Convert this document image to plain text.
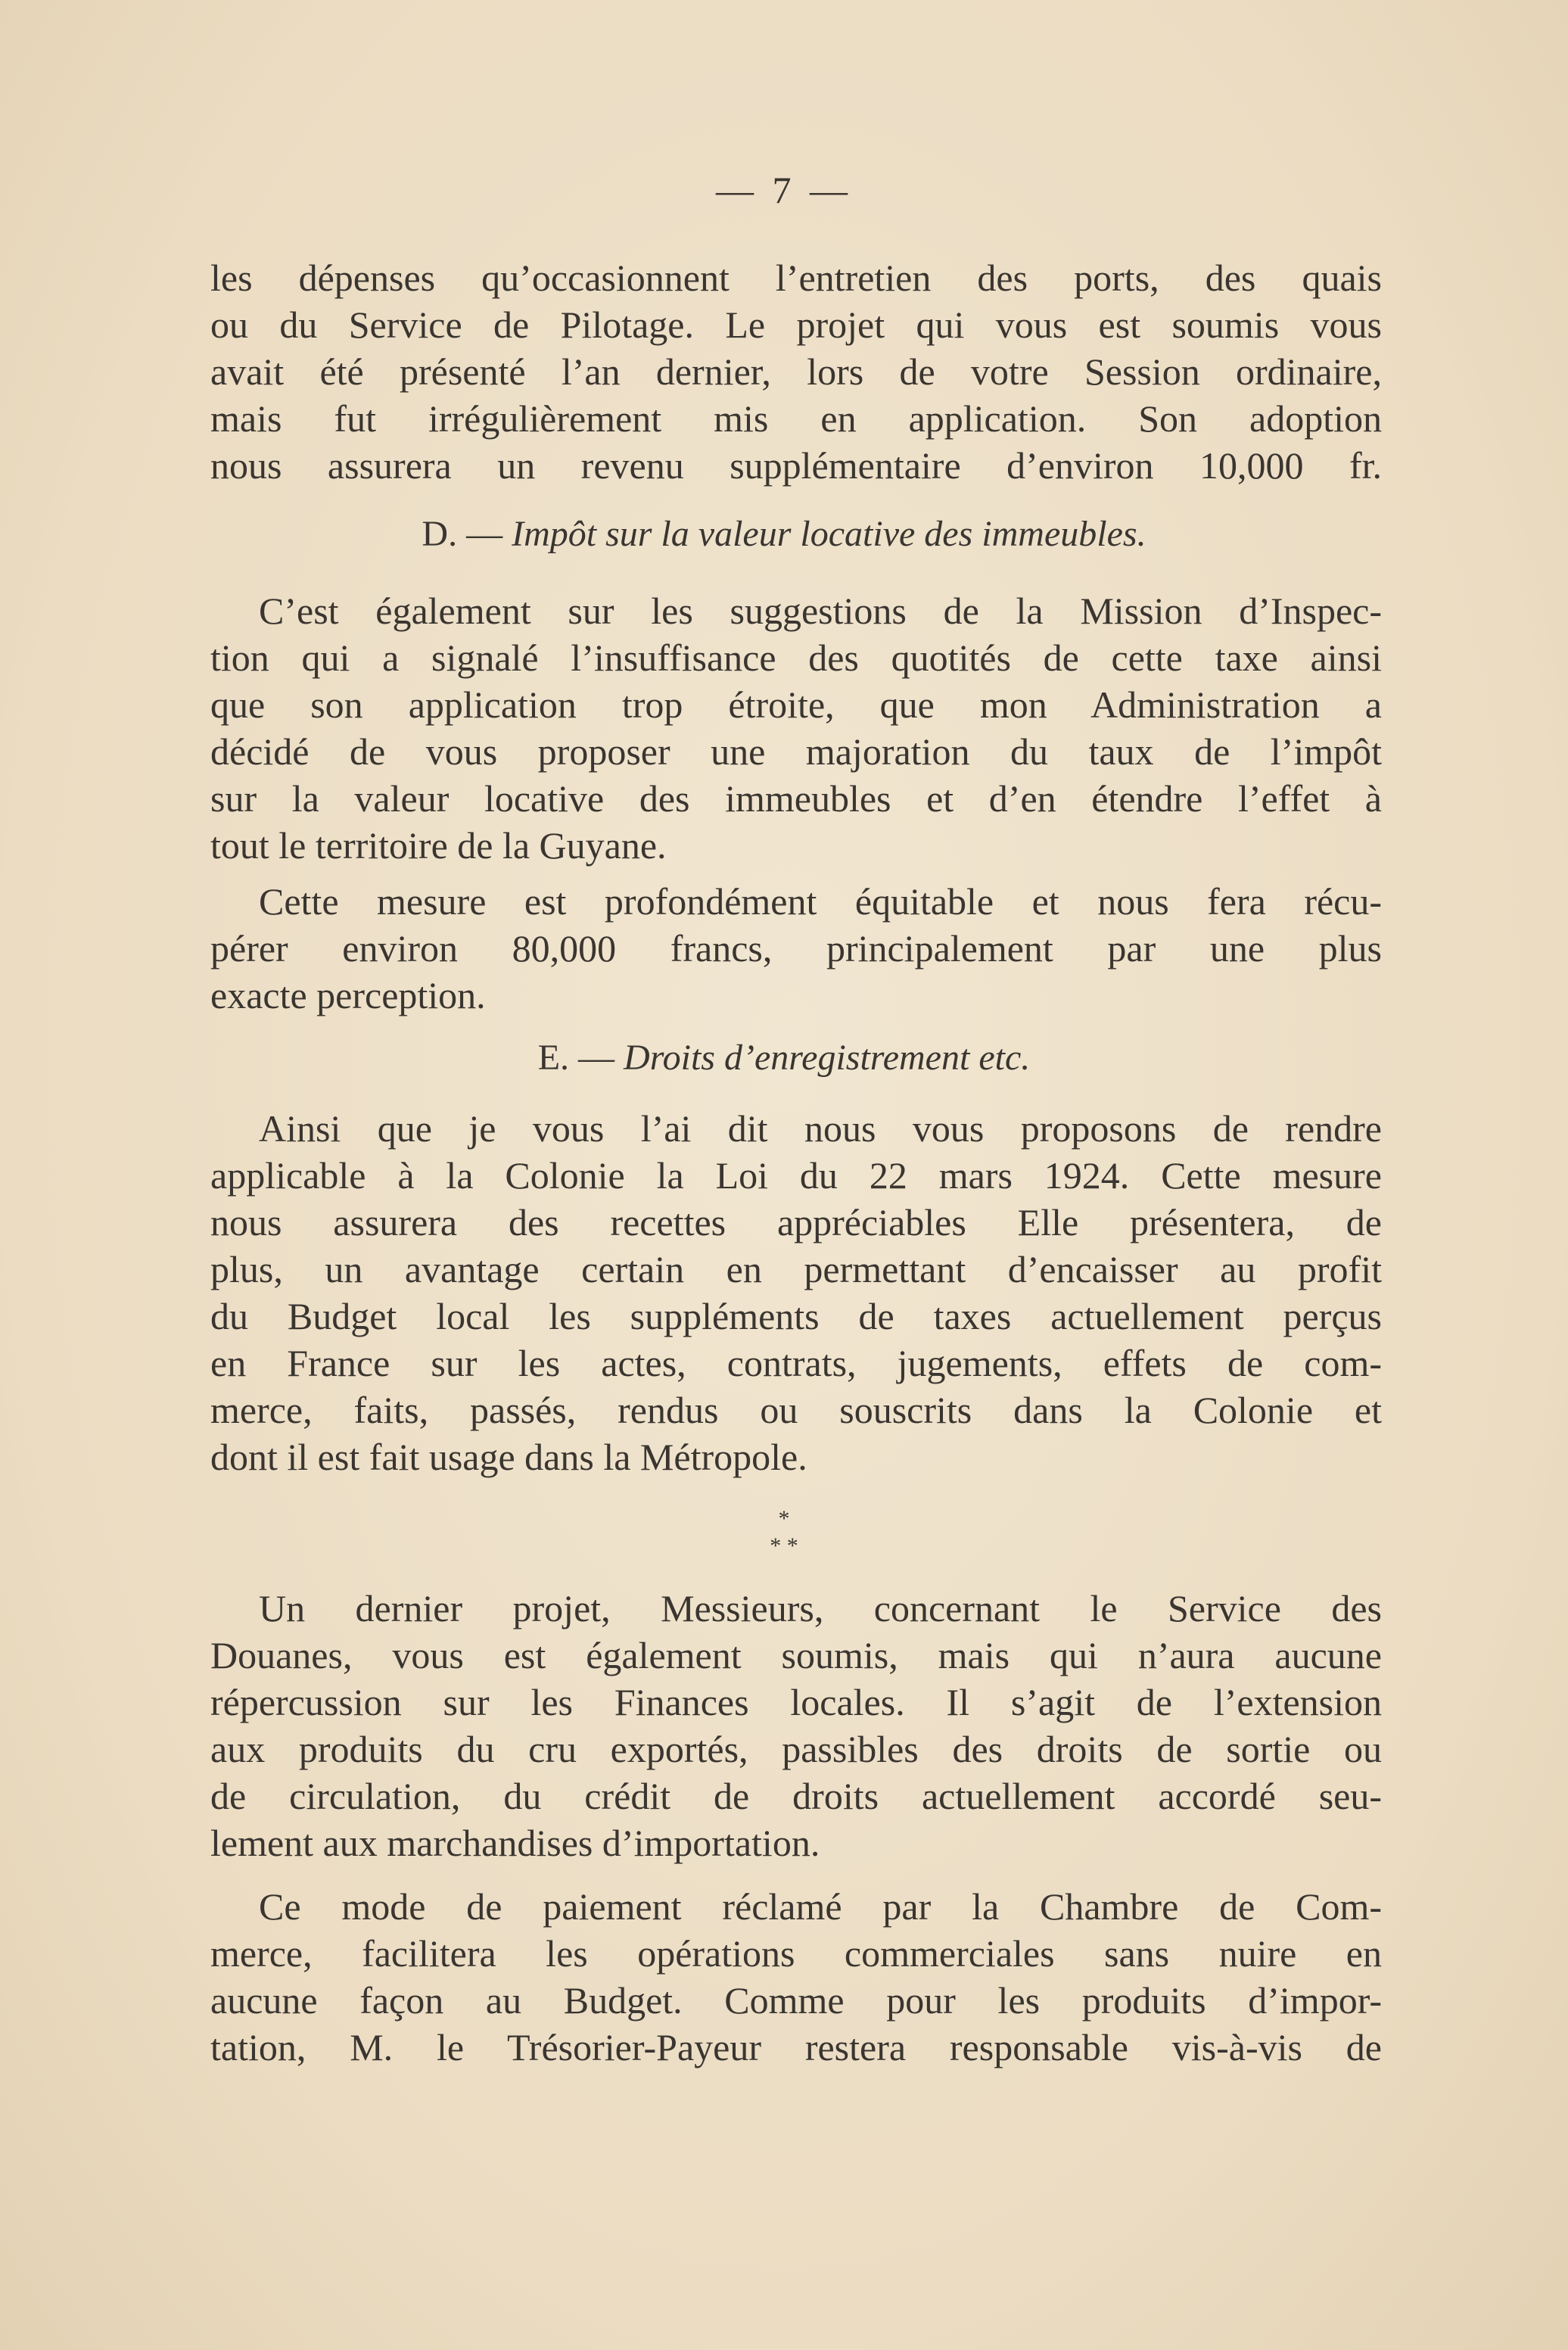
— 7 —
les dépenses qu’occasionnent l’entretien des ports, des quais
ou du Service de Pilotage. Le projet qui vous est soumis vous
avait été présenté l’an dernier, lors de votre Session ordinaire,
mais fut irrégulièrement mis en application. Son adoption
nous assurera un revenu supplémentaire d’environ 10,000 fr.
D. — Impôt sur la valeur locative des immeubles.
C’est également sur les suggestions de la Mission d’Inspec-
tion qui a signalé l’insuffisance des quotités de cette taxe ainsi
que son application trop étroite, que mon Administration a
décidé de vous proposer une majoration du taux de l’impôt
sur la valeur locative des immeubles et d’en étendre l’effet à
tout le territoire de la Guyane.
Cette mesure est profondément équitable et nous fera récu-
pérer environ 80,000 francs, principalement par une plus
exacte perception.
E. — Droits d’enregistrement etc.
Ainsi que je vous l’ai dit nous vous proposons de rendre
applicable à la Colonie la Loi du 22 mars 1924. Cette mesure
nous assurera des recettes appréciables Elle présentera, de
plus, un avantage certain en permettant d’encaisser au profit
du Budget local les suppléments de taxes actuellement perçus
en France sur les actes, contrats, jugements, effets de com-
merce, faits, passés, rendus ou souscrits dans la Colonie et
dont il est fait usage dans la Métropole.
*
* *
Un dernier projet, Messieurs, concernant le Service des
Douanes, vous est également soumis, mais qui n’aura aucune
répercussion sur les Finances locales. Il s’agit de l’extension
aux produits du cru exportés, passibles des droits de sortie ou
de circulation, du crédit de droits actuellement accordé seu-
lement aux marchandises d’importation.
Ce mode de paiement réclamé par la Chambre de Com-
merce, facilitera les opérations commerciales sans nuire en
aucune façon au Budget. Comme pour les produits d’impor-
tation, M. le Trésorier-Payeur restera responsable vis-à-vis de
